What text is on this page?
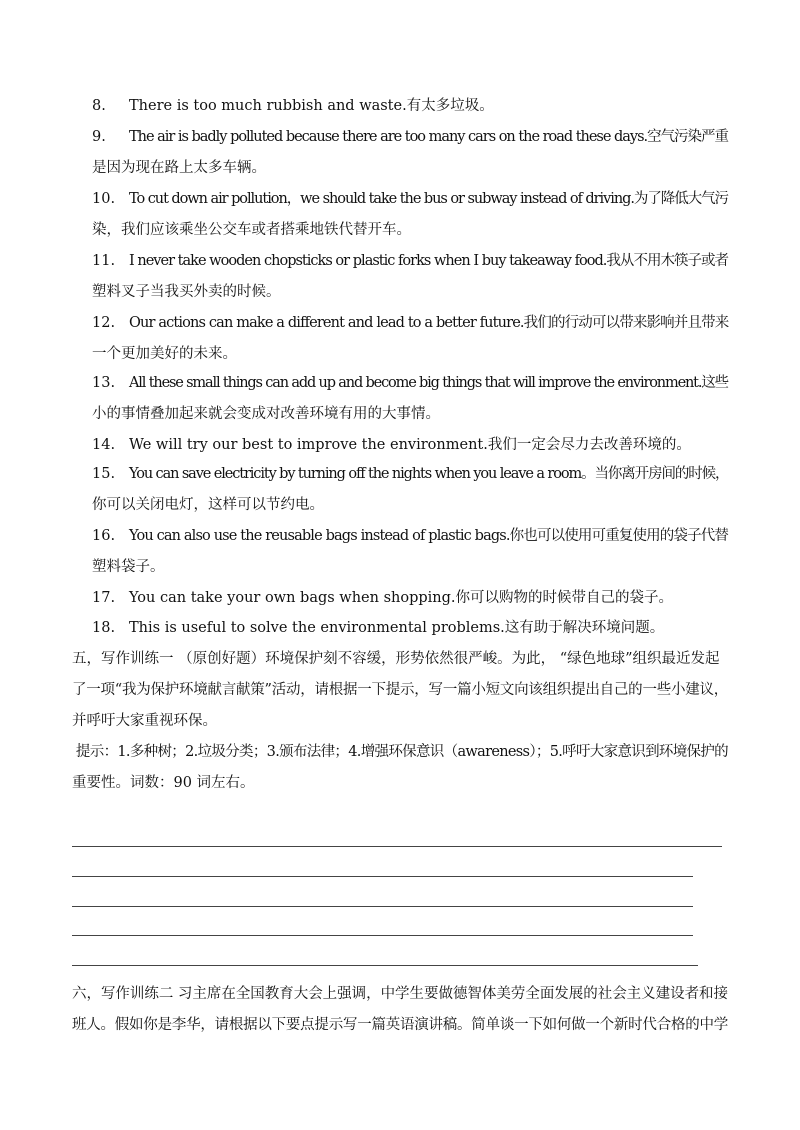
8. There is too much rubbish and waste.有太多垃圾。
9. The air is badly polluted because there are too many cars on the road these days.空气污染严重
是因为现在路上太多车辆。
10. To cut down air pollution，we should take the bus or subway instead of driving.为了降低大气污
染，我们应该乘坐公交车或者搭乘地铁代替开车。
11. I never take wooden chopsticks or plastic forks when I buy takeaway food.我从不用木筷子或者
塑料叉子当我买外卖的时候。
12. Our actions can make a different and lead to a better future.我们的行动可以带来影响并且带来
一个更加美好的未来。
13. All these small things can add up and become big things that will improve the environment.这些
小的事情叠加起来就会变成对改善环境有用的大事情。
14. We will try our best to improve the environment.我们一定会尽力去改善环境的。
15. You can save electricity by turning off the nights when you leave a room。当你离开房间的时候，
你可以关闭电灯，这样可以节约电。
16. You can also use the reusable bags instead of plastic bags.你也可以使用可重复使用的袋子代替
塑料袋子。
17. You can take your own bags when shopping.你可以购物的时候带自己的袋子。
18. This is useful to solve the environmental problems.这有助于解决环境问题。
五，写作训练一 （原创好题）环境保护刻不容缓，形势依然很严峻。为此， “绿色地球”组织最近发起
了一项“我为保护环境献言献策”活动，请根据一下提示，写一篇小短文向该组织提出自己的一些小建议，
并呼吁大家重视环保。
提示：1.多种树；2.垃圾分类；3.颁布法律；4.增强环保意识（awareness）；5.呼吁大家意识到环境保护的
重要性。词数：90 词左右。
六，写作训练二 习主席在全国教育大会上强调，中学生要做德智体美劳全面发展的社会主义建设者和接
班人。假如你是李华，请根据以下要点提示写一篇英语演讲稿。简单谈一下如何做一个新时代合格的中学
